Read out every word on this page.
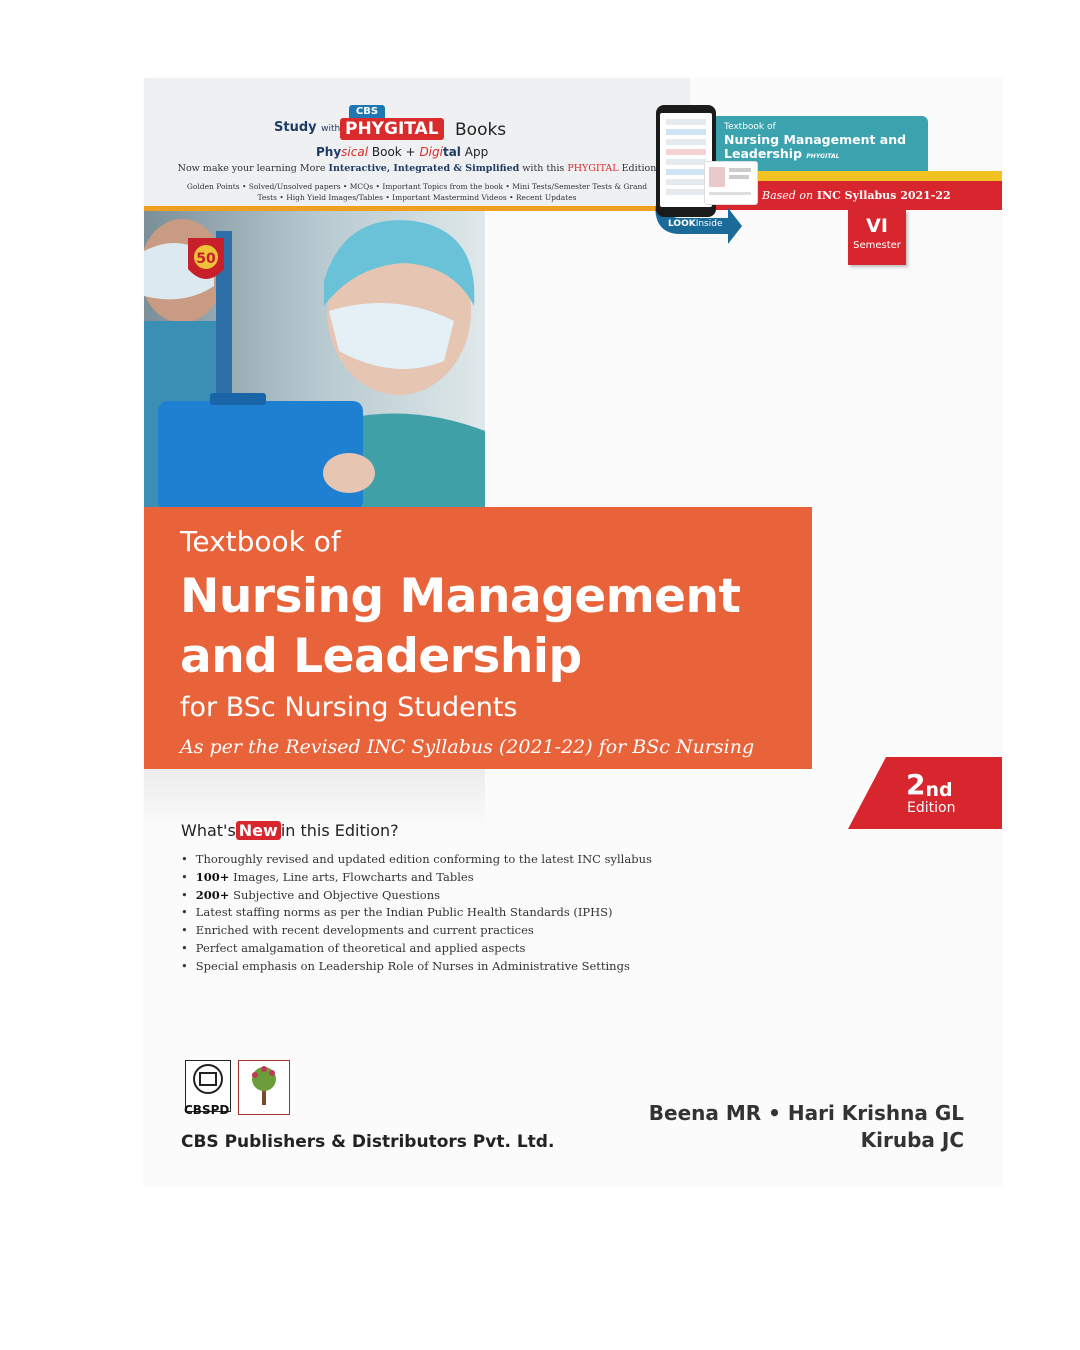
CBS
Study with PHYGITAL Books
Physical Book + Digital App
Now make your learning More Interactive, Integrated & Simplified with this PHYGITAL Edition
Golden Points • Solved/Unsolved papers • MCQs • Important Topics from the book • Mini Tests/Semester Tests & Grand Tests • High Yield Images/Tables • Important Mastermind Videos • Recent Updates
Textbook of
Nursing Management and Leadership PHYGITAL
Based on INC Syllabus 2021-22
VI
Semester
LOOKInside
50
Textbook of
Nursing Management
and Leadership
for BSc Nursing Students
As per the Revised INC Syllabus (2021-22) for BSc Nursing
2nd
Edition
What's New in this Edition?
• Thoroughly revised and updated edition conforming to the latest INC syllabus
• 100+ Images, Line arts, Flowcharts and Tables
• 200+ Subjective and Objective Questions
• Latest staffing norms as per the Indian Public Health Standards (IPHS)
• Enriched with recent developments and current practices
• Perfect amalgamation of theoretical and applied aspects
• Special emphasis on Leadership Role of Nurses in Administrative Settings
CBSPD
CBS Publishers & Distributors Pvt. Ltd.
Beena MR • Hari Krishna GL
Kiruba JC
